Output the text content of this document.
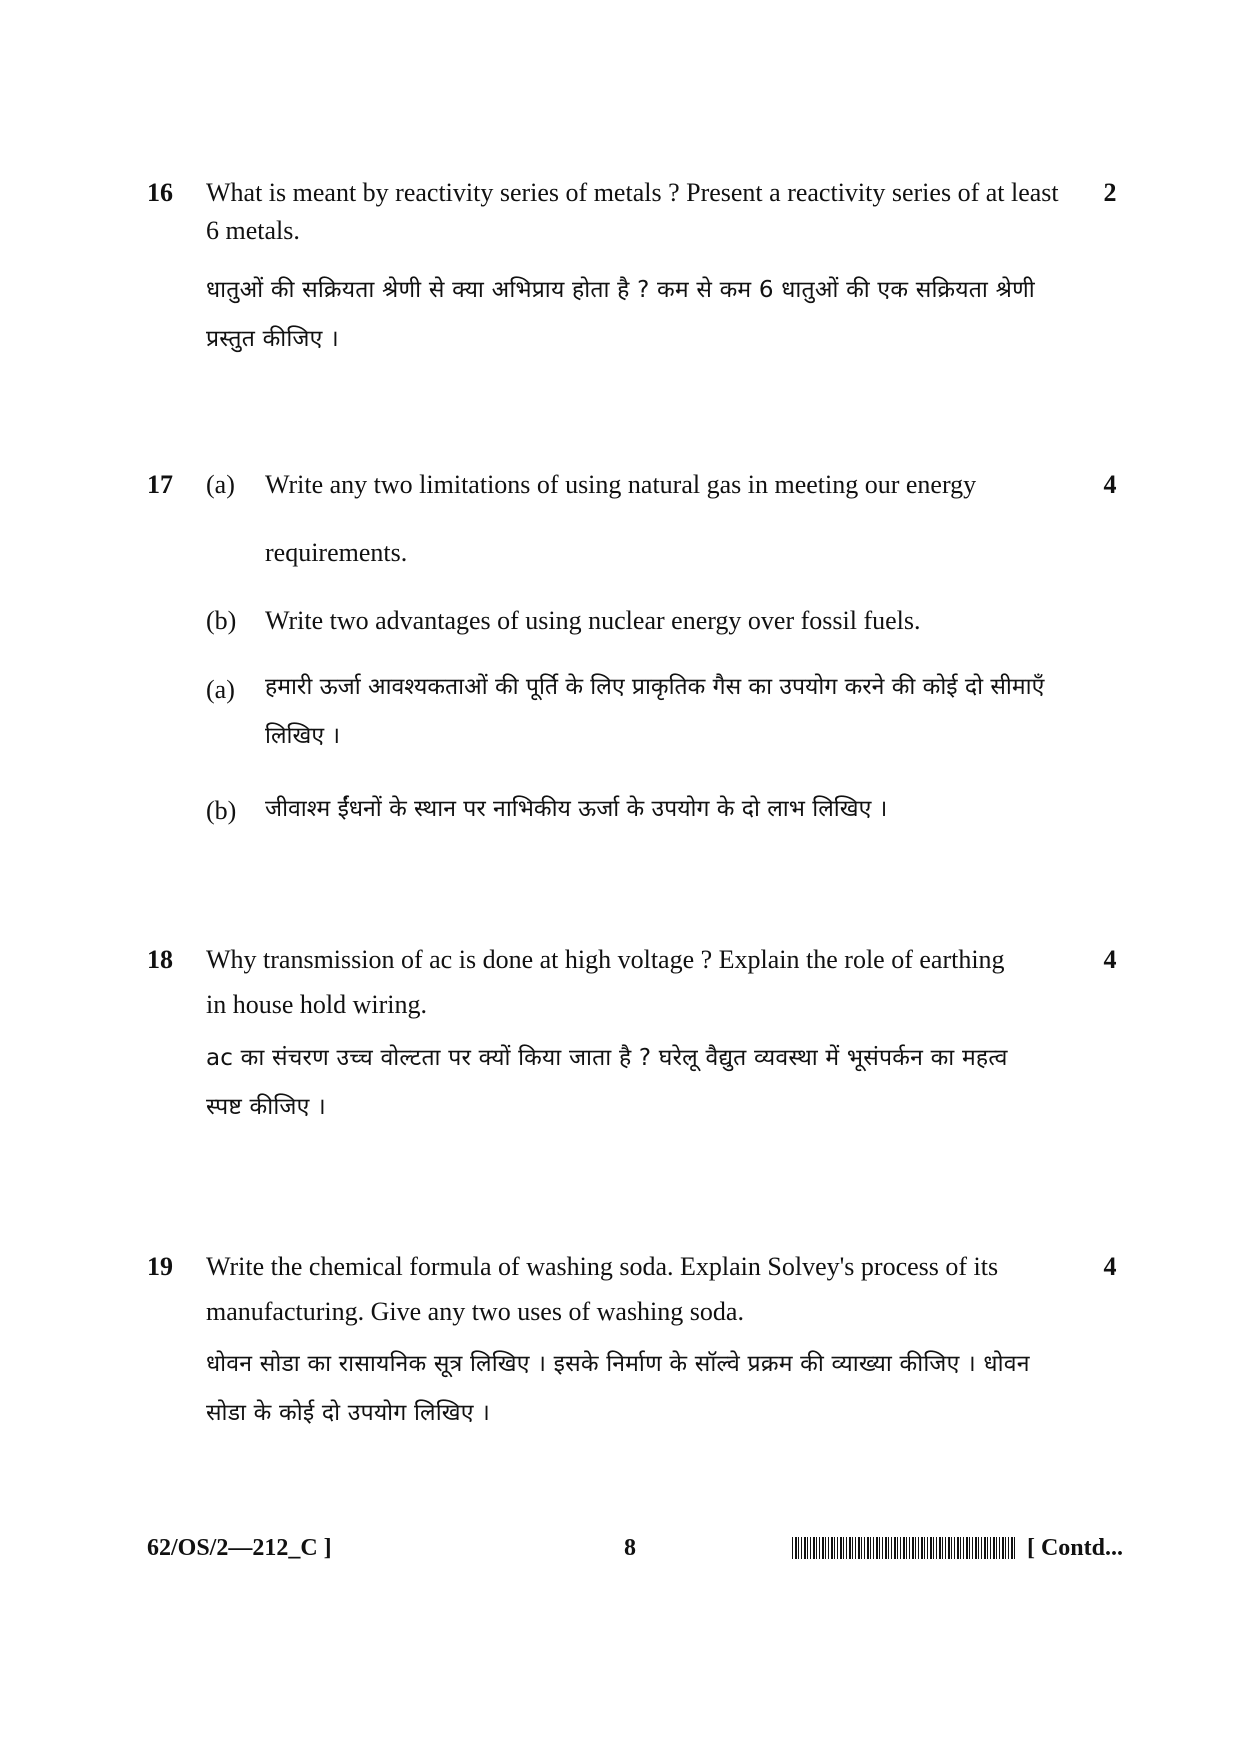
16 What is meant by reactivity series of metals ? Present a reactivity series of at least 6 metals.
2
धातुओं की सक्रियता श्रेणी से क्या अभिप्राय होता है ? कम से कम 6 धातुओं की एक सक्रियता श्रेणी प्रस्तुत कीजिए ।
17 (a)	Write any two limitations of using natural gas in meeting our energy requirements.
4
(b)	Write two advantages of using nuclear energy over fossil fuels.
(a)	हमारी ऊर्जा आवश्यकताओं की पूर्ति के लिए प्राकृतिक गैस का उपयोग करने की कोई दो सीमाएँ लिखिए ।
(b)	जीवाश्म ईंधनों के स्थान पर नाभिकीय ऊर्जा के उपयोग के दो लाभ लिखिए ।
18 Why transmission of ac is done at high voltage ? Explain the role of earthing in house hold wiring.
4
ac का संचरण उच्च वोल्टता पर क्यों किया जाता है ? घरेलू वैद्युत व्यवस्था में भूसंपर्कन का महत्व स्पष्ट कीजिए ।
19 Write the chemical formula of washing soda. Explain Solvey's process of its manufacturing. Give any two uses of washing soda.
4
धोवन सोडा का रासायनिक सूत्र लिखिए । इसके निर्माण के सॉल्वे प्रक्रम की व्याख्या कीजिए । धोवन सोडा के कोई दो उपयोग लिखिए ।
62/OS/2—212_C ]	8	[ Contd...
